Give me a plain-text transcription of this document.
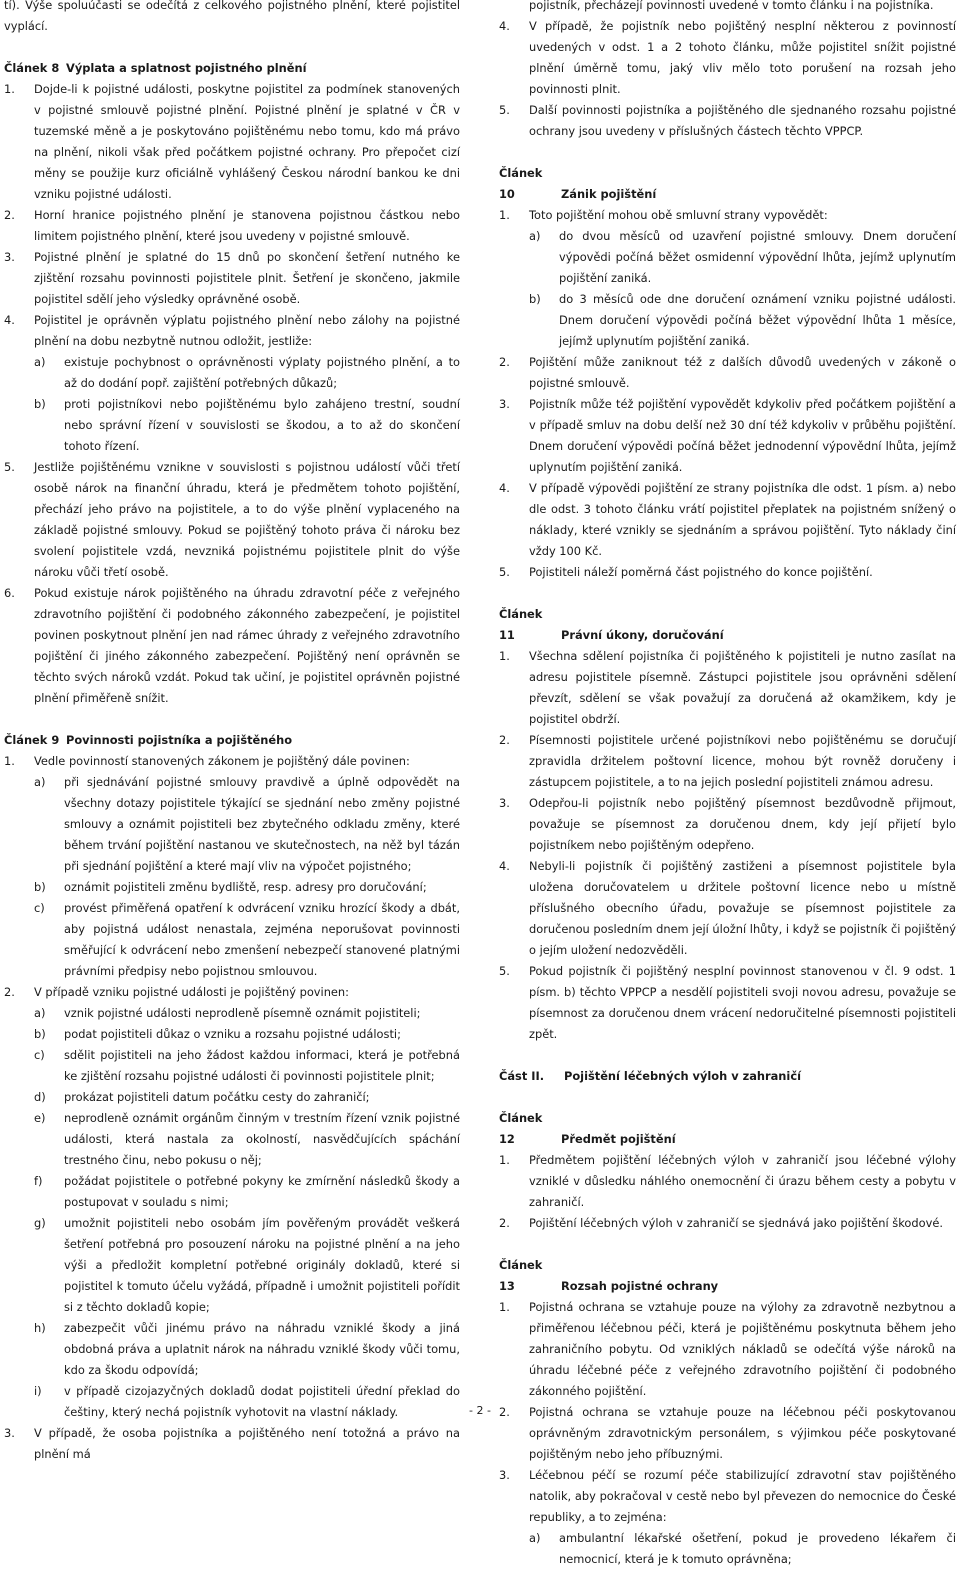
tí). Výše spoluúčasti se odečítá z celkového pojistného plnění, které pojistitel vyplácí.

Článek 8 Výplata a splatnost pojistného plnění

1.	Dojde-li k pojistné události, poskytne pojistitel za podmínek stanovených v pojistné smlouvě pojistné plnění. Pojistné plnění je splatné v ČR v tuzemské měně a je poskytováno pojištěnému nebo tomu, kdo má právo na plnění, nikoli však před počátkem pojistné ochrany. Pro přepočet cizí měny se použije kurz oficiálně vyhlášený Českou národní bankou ke dni vzniku pojistné události.
2.	Horní hranice pojistného plnění je stanovena pojistnou částkou nebo limitem pojistného plnění, které jsou uvedeny v pojistné smlouvě.
3.	Pojistné plnění je splatné do 15 dnů po skončení šetření nutného ke zjištění rozsahu povinnosti pojistitele plnit. Šetření je skončeno, jakmile pojistitel sdělí jeho výsledky oprávněné osobě.
4.	Pojistitel je oprávněn výplatu pojistného plnění nebo zálohy na pojistné plnění na dobu nezbytně nutnou odložit, jestliže:
a)	existuje pochybnost o oprávněnosti výplaty pojistného plnění, a to až do dodání popř. zajištění potřebných důkazů;
b)	proti pojistníkovi nebo pojištěnému bylo zahájeno trestní, soudní nebo správní řízení v souvislosti se škodou, a to až do skončení tohoto řízení.
5.	Jestliže pojištěnému vznikne v souvislosti s pojistnou událostí vůči třetí osobě nárok na finanční úhradu, která je předmětem tohoto pojištění, přechází jeho právo na pojistitele, a to do výše plnění vyplaceného na základě pojistné smlouvy. Pokud se pojištěný tohoto práva či nároku bez svolení pojistitele vzdá, nevzniká pojistnému pojistitele plnit do výše nároku vůči třetí osobě.
6.	Pokud existuje nárok pojištěného na úhradu zdravotní péče z veřejného zdravotního pojištění či podobného zákonného zabezpečení, je pojistitel povinen poskytnout plnění jen nad rámec úhrady z veřejného zdravotního pojištění či jiného zákonného zabezpečení. Pojištěný není oprávněn se těchto svých nároků vzdát. Pokud tak učiní, je pojistitel oprávněn pojistné plnění přiměřeně snížit.

Článek 9 Povinnosti pojistníka a pojištěného

1.	Vedle povinností stanovených zákonem je pojištěný dále povinen:
a)	při sjednávání pojistné smlouvy pravdivě a úplně odpovědět na všechny dotazy pojistitele týkající se sjednání nebo změny pojistné smlouvy a oznámit pojistiteli bez zbytečného odkladu změny, které během trvání pojištění nastanou ve skutečnostech, na něž byl tázán při sjednání pojištění a které mají vliv na výpočet pojistného;
b)	oznámit pojistiteli změnu bydliště, resp. adresy pro doručování;
c)	provést přiměřená opatření k odvrácení vzniku hrozící škody a dbát, aby pojistná událost nenastala, zejména neporušovat povinnosti směřující k odvrácení nebo zmenšení nebezpečí stanovené platnými právními předpisy nebo pojistnou smlouvou.
2.	V případě vzniku pojistné události je pojištěný povinen:
a)	vznik pojistné události neprodleně písemně oznámit pojistiteli;
b)	podat pojistiteli důkaz o vzniku a rozsahu pojistné události;
c)	sdělit pojistiteli na jeho žádost každou informaci, která je potřebná ke zjištění rozsahu pojistné události či povinnosti pojistitele plnit;
d)	prokázat pojistiteli datum počátku cesty do zahraničí;
e)	neprodleně oznámit orgánům činným v trestním řízení vznik pojistné události, která nastala za okolností, nasvědčujících spáchání trestného činu, nebo pokusu o něj;
f)	požádat pojistitele o potřebné pokyny ke zmírnění následků škody a postupovat v souladu s nimi;
g)	umožnit pojistiteli nebo osobám jím pověřeným provádět veškerá šetření potřebná pro posouzení nároku na pojistné plnění a na jeho výši a předložit kompletní potřebné originály dokladů, které si pojistitel k tomuto účelu vyžádá, případně i umožnit pojistiteli pořídit si z těchto dokladů kopie;
h)	zabezpečit vůči jinému právo na náhradu vzniklé škody a jiná obdobná práva a uplatnit nárok na náhradu vzniklé škody vůči tomu, kdo za škodu odpovídá;
i)	v případě cizojazyčných dokladů dodat pojistiteli úřední překlad do češtiny, který nechá pojistník vyhotovit na vlastní náklady.
3.	V případě, že osoba pojistníka a pojištěného není totožná a právo na plnění má

pojistník, přecházejí povinnosti uvedené v tomto článku i na pojistníka.

4.	V případě, že pojistník nebo pojištěný nesplní některou z povinností uvedených v odst. 1 a 2 tohoto článku, může pojistitel snížit pojistné plnění úměrně tomu, jaký vliv mělo toto porušení na rozsah jeho povinnosti plnit.
5.	Další povinnosti pojistníka a pojištěného dle sjednaného rozsahu pojistné ochrany jsou uvedeny v příslušných částech těchto VPPCP.

Článek 10	Zánik pojištění

1.	Toto pojištění mohou obě smluvní strany vypovědět:
a)	do dvou měsíců od uzavření pojistné smlouvy. Dnem doručení výpovědi počíná běžet osmidenní výpovědní lhůta, jejímž uplynutím pojištění zaniká.
b)	do 3 měsíců ode dne doručení oznámení vzniku pojistné události. Dnem doručení výpovědi počíná běžet výpovědní lhůta 1 měsíce, jejímž uplynutím pojištění zaniká.
2.	Pojištění může zaniknout též z dalších důvodů uvedených v zákoně o pojistné smlouvě.
3.	Pojistník může též pojištění vypovědět kdykoliv před počátkem pojištění a v případě smluv na dobu delší než 30 dní též kdykoliv v průběhu pojištění. Dnem doručení výpovědi počíná běžet jednodenní výpovědní lhůta, jejímž uplynutím pojištění zaniká.
4.	V případě výpovědi pojištění ze strany pojistníka dle odst. 1 písm. a) nebo dle odst. 3 tohoto článku vrátí pojistitel přeplatek na pojistném snížený o náklady, které vznikly se sjednáním a správou pojištění. Tyto náklady činí vždy 100 Kč.
5.	Pojistiteli náleží poměrná část pojistného do konce pojištění.

Článek 11	Právní úkony, doručování

1.	Všechna sdělení pojistníka či pojištěného k pojistiteli je nutno zasílat na adresu pojistitele písemně. Zástupci pojistitele jsou oprávněni sdělení převzít, sdělení se však považují za doručená až okamžikem, kdy je pojistitel obdrží.
2.	Písemnosti pojistitele určené pojistníkovi nebo pojištěnému se doručují zpravidla držitelem poštovní licence, mohou být rovněž doručeny i zástupcem pojistitele, a to na jejich poslední pojistiteli známou adresu.
3.	Odepřou-li pojistník nebo pojištěný písemnost bezdůvodně přijmout, považuje se písemnost za doručenou dnem, kdy její přijetí bylo pojistníkem nebo pojištěným odepřeno.
4.	Nebyli-li pojistník či pojištěný zastiženi a písemnost pojistitele byla uložena doručovatelem u držitele poštovní licence nebo u místně příslušného obecního úřadu, považuje se písemnost pojistitele za doručenou posledním dnem její úložní lhůty, i když se pojistník či pojištěný o jejím uložení nedozvěděli.
5.	Pokud pojistník či pojištěný nesplní povinnost stanovenou v čl. 9 odst. 1 písm. b) těchto VPPCP a nesdělí pojistiteli svoji novou adresu, považuje se písemnost za doručenou dnem vrácení nedoručitelné písemnosti pojistiteli zpět.

Část II. Pojištění léčebných výloh v zahraničí

Článek 12	Předmět pojištění

1.	Předmětem pojištění léčebných výloh v zahraničí jsou léčebné výlohy vzniklé v důsledku náhlého onemocnění či úrazu během cesty a pobytu v zahraničí.
2.	Pojištění léčebných výloh v zahraničí se sjednává jako pojištění škodové.

Článek 13	Rozsah pojistné ochrany

1.	Pojistná ochrana se vztahuje pouze na výlohy za zdravotně nezbytnou a přiměřenou léčebnou péči, která je pojištěnému poskytnuta během jeho zahraničního pobytu. Od vzniklých nákladů se odečítá výše nároků na úhradu léčebné péče z veřejného zdravotního pojištění či podobného zákonného pojištění.
2.	Pojistná ochrana se vztahuje pouze na léčebnou péči poskytovanou oprávněným zdravotnickým personálem, s výjimkou péče poskytované pojištěným nebo jeho příbuznými.
3.	Léčebnou péčí se rozumí péče stabilizující zdravotní stav pojištěného natolik, aby pokračoval v cestě nebo byl převezen do nemocnice do České republiky, a to zejména:
a)	ambulantní lékařské ošetření, pokud je provedeno lékařem či nemocnicí, která je k tomuto oprávněna;
- 2 -
